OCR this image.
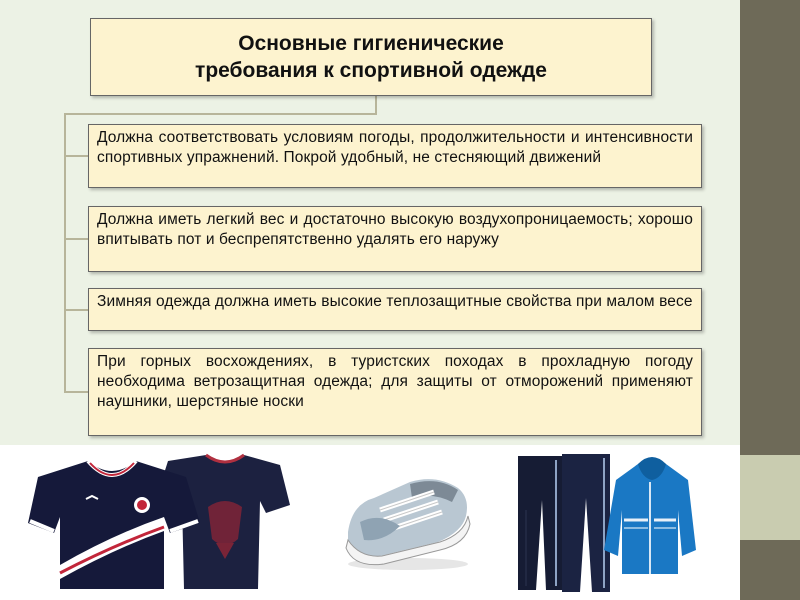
Основные гигиенические
требования к спортивной одежде
Должна соответствовать условиям погоды, продолжительности и интенсивности спортивных упражнений. Покрой удобный, не стесняющий движений
Должна иметь легкий вес и достаточно высокую воздухопроницаемость; хорошо впитывать пот и беспрепятственно удалять его наружу
Зимняя одежда должна иметь высокие теплозащитные свойства при малом весе
При горных восхождениях, в туристских походах в прохладную погоду необходима ветрозащитная одежда; для защиты от отморожений применяют наушники, шерстяные носки
